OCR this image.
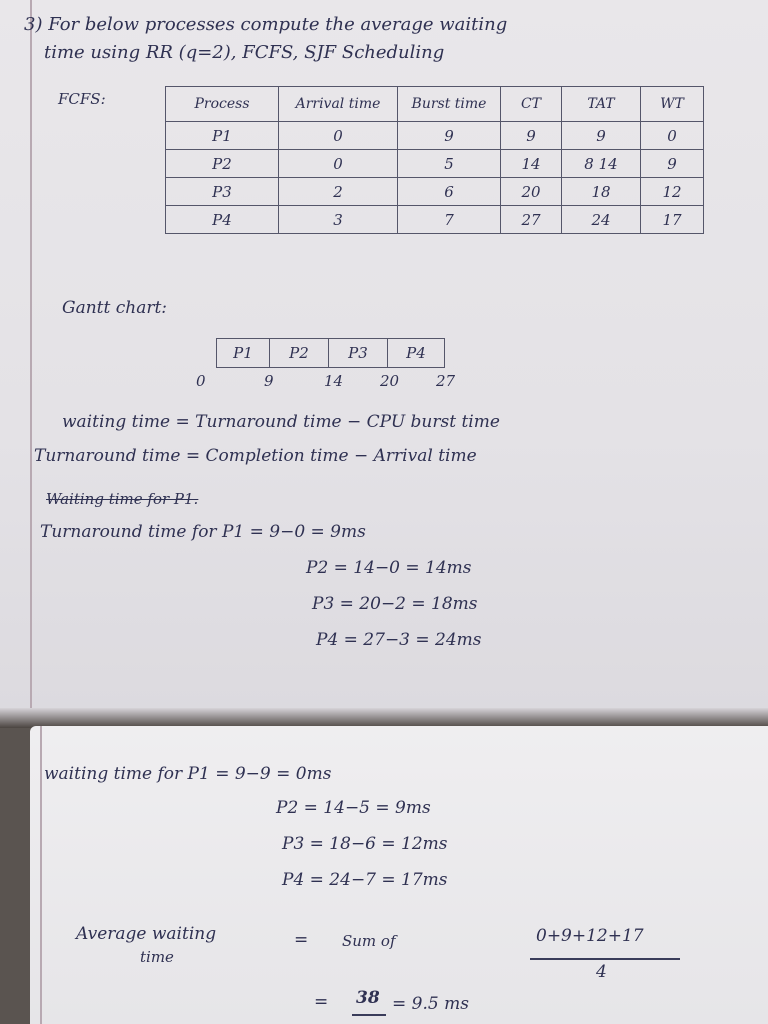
3) For below processes compute the average waiting
time using RR (q=2), FCFS, SJF Scheduling
FCFS:	Process	Arrival time	Burst time	CT	TAT	WT
P1	0	9	9	9	0
P2	0	5	14	8 14	9
P3	2	6	20	18	12
P4	3	7	27	24	17
Gantt chart:
P1	P2	P3	P4
0	9	14 20 27
waiting time = Turnaround time − CPU burst time
Turnaround time = Completion time − Arrival time
Waiting time for P1.
Turnaround time for P1 = 9−0 = 9ms
P2 = 14−0 = 14ms
P3 = 20−2 = 18ms
P4 = 27−3 = 24ms
waiting time for P1 = 9−9 = 0ms
P2 = 14−5 = 9ms
P3 = 18−6 = 12ms
P4 = 24−7 = 17ms
Average waiting
time
= Sum of	0+9+12+17
4
= 38 = 9.5 ms
